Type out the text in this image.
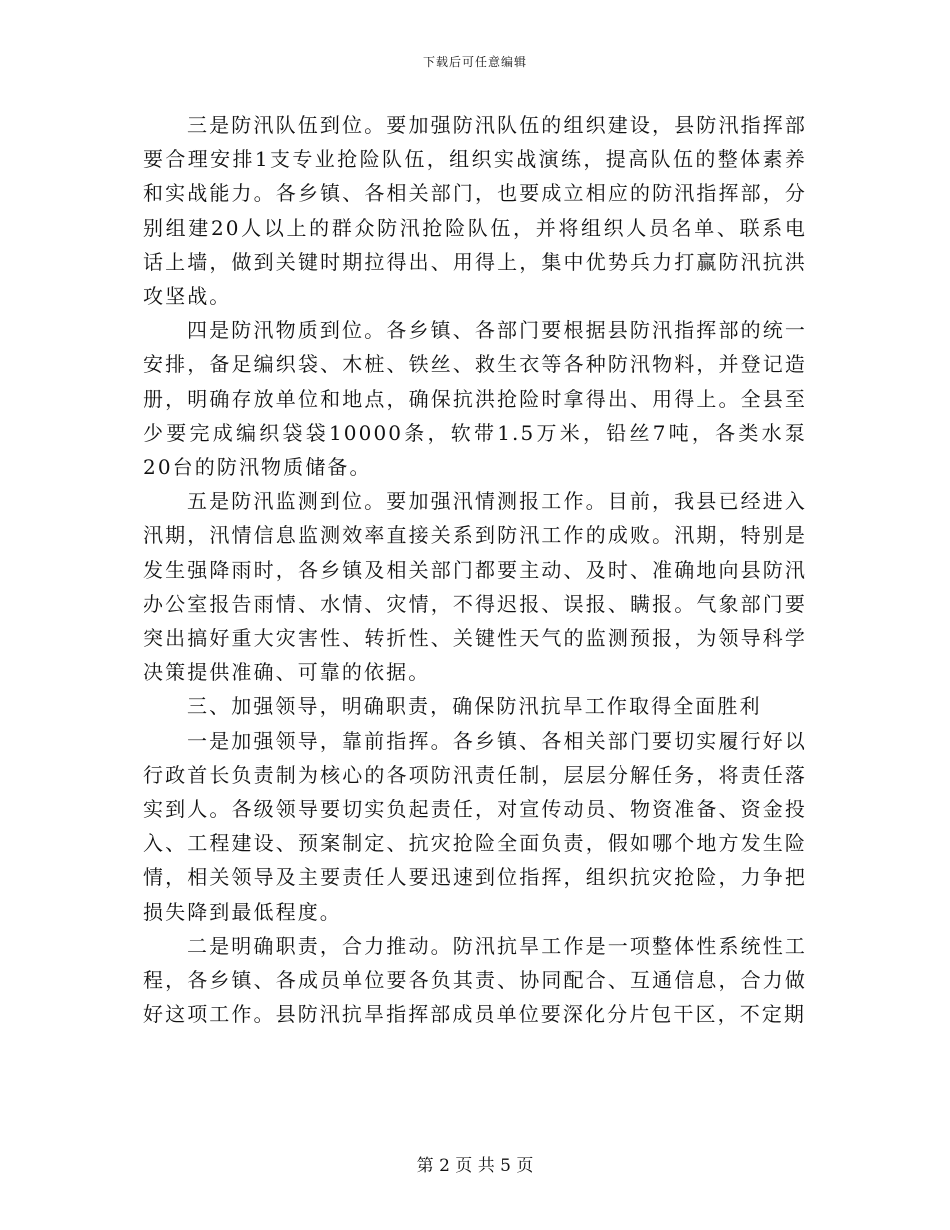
下载后可任意编辑

三是防汛队伍到位。要加强防汛队伍的组织建设，县防汛指挥部要合理安排1支专业抢险队伍，组织实战演练，提高队伍的整体素养和实战能力。各乡镇、各相关部门，也要成立相应的防汛指挥部，分别组建20人以上的群众防汛抢险队伍，并将组织人员名单、联系电话上墙，做到关键时期拉得出、用得上，集中优势兵力打赢防汛抗洪攻坚战。

四是防汛物质到位。各乡镇、各部门要根据县防汛指挥部的统一安排，备足编织袋、木桩、铁丝、救生衣等各种防汛物料，并登记造册，明确存放单位和地点，确保抗洪抢险时拿得出、用得上。全县至少要完成编织袋袋10000条，软带1.5万米，铅丝7吨，各类水泵20台的防汛物质储备。

五是防汛监测到位。要加强汛情测报工作。目前，我县已经进入汛期，汛情信息监测效率直接关系到防汛工作的成败。汛期，特别是发生强降雨时，各乡镇及相关部门都要主动、及时、准确地向县防汛办公室报告雨情、水情、灾情，不得迟报、误报、瞒报。气象部门要突出搞好重大灾害性、转折性、关键性天气的监测预报，为领导科学决策提供准确、可靠的依据。

三、加强领导，明确职责，确保防汛抗旱工作取得全面胜利

一是加强领导，靠前指挥。各乡镇、各相关部门要切实履行好以行政首长负责制为核心的各项防汛责任制，层层分解任务，将责任落实到人。各级领导要切实负起责任，对宣传动员、物资准备、资金投入、工程建设、预案制定、抗灾抢险全面负责，假如哪个地方发生险情，相关领导及主要责任人要迅速到位指挥，组织抗灾抢险，力争把损失降到最低程度。

二是明确职责，合力推动。防汛抗旱工作是一项整体性系统性工程，各乡镇、各成员单位要各负其责、协同配合、互通信息，合力做好这项工作。县防汛抗旱指挥部成员单位要深化分片包干区，不定期

第 2 页 共 5 页
